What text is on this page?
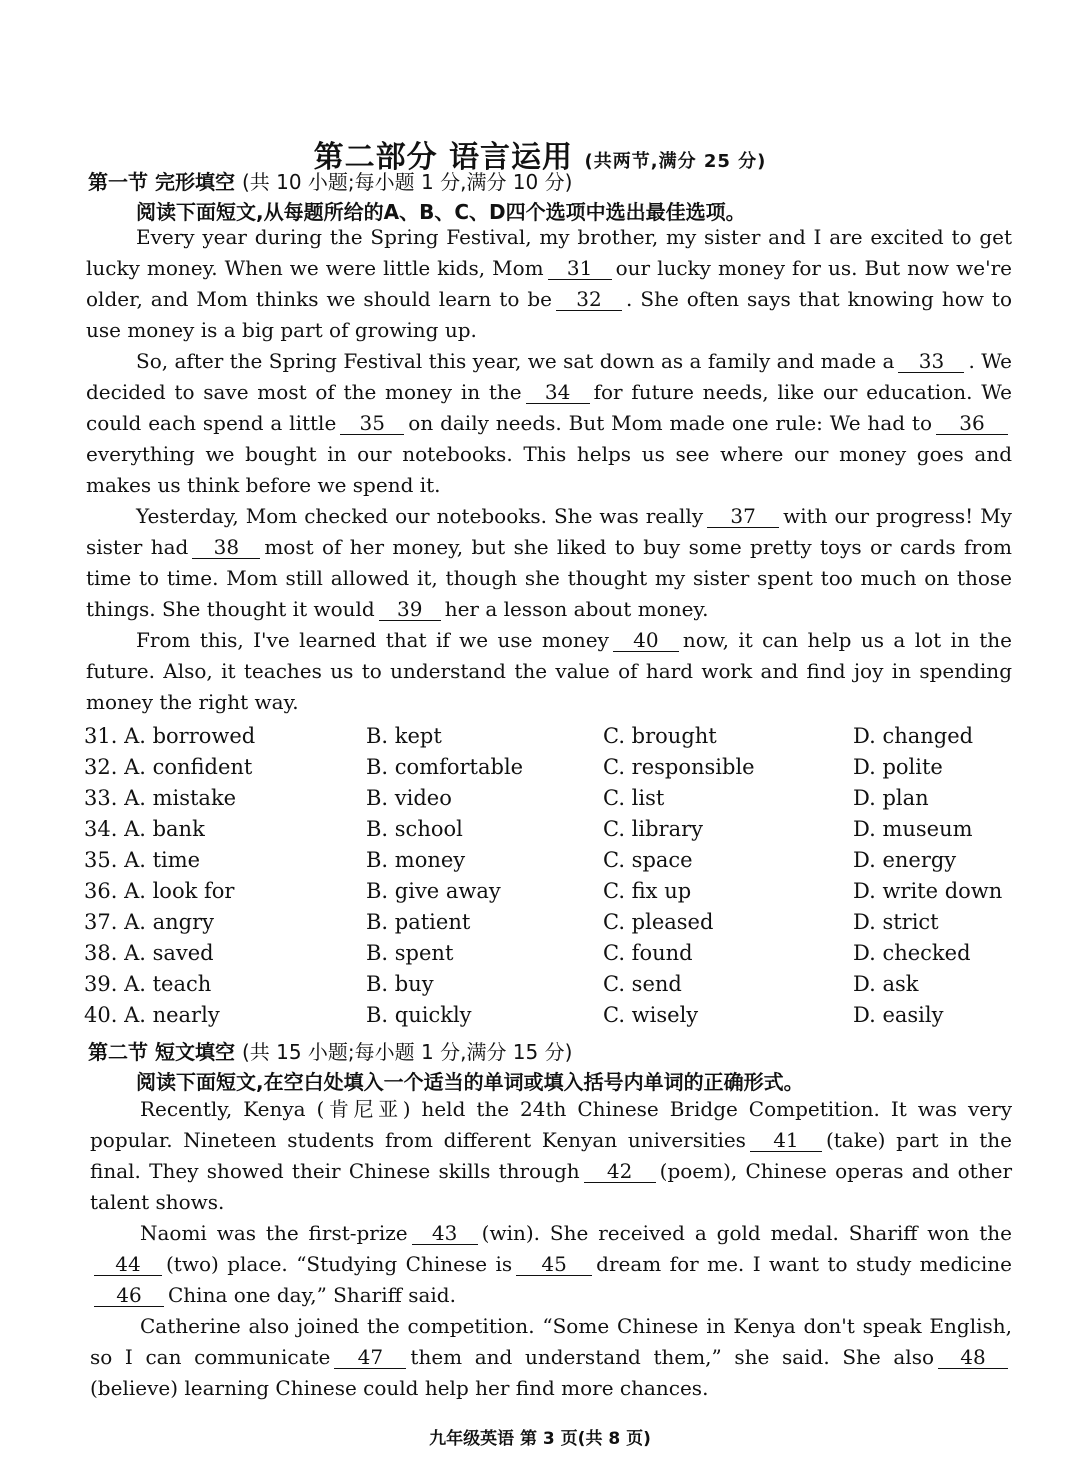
第二部分 语言运用 (共两节,满分 25 分)
第一节 完形填空 (共 10 小题;每小题 1 分,满分 10 分)
阅读下面短文,从每题所给的A、B、C、D四个选项中选出最佳选项。

Every year during the Spring Festival, my brother, my sister and I are excited to get lucky money. When we were little kids, Mom 31 our lucky money for us. But now we're older, and Mom thinks we should learn to be 32 . She often says that knowing how to use money is a big part of growing up.

So, after the Spring Festival this year, we sat down as a family and made a 33 . We decided to save most of the money in the 34 for future needs, like our education. We could each spend a little 35 on daily needs. But Mom made one rule: We had to 36everything we bought in our notebooks. This helps us see where our money goes and makes us think before we spend it.

Yesterday, Mom checked our notebooks. She was really 37 with our progress! My sister had 38 most of her money, but she liked to buy some pretty toys or cards from time to time. Mom still allowed it, though she thought my sister spent too much on those things. She thought it would 39 her a lesson about money.

From this, I've learned that if we use money 40 now, it can help us a lot in the future. Also, it teaches us to understand the value of hard work and find joy in spending money the right way.

31. A. borrowed	B. kept	C. brought	D. changed
32. A. confident	B. comfortable	C. responsible	D. polite
33. A. mistake	B. video	C. list	D. plan
34. A. bank	B. school	C. library	D. museum
35. A. time	B. money	C. space	D. energy
36. A. look for	B. give away	C. fix up	D. write down
37. A. angry	B. patient	C. pleased	D. strict
38. A. saved	B. spent	C. found	D. checked
39. A. teach	B. buy	C. send	D. ask
40. A. nearly	B. quickly	C. wisely	D. easily
第二节 短文填空 (共 15 小题;每小题 1 分,满分 15 分)
阅读下面短文,在空白处填入一个适当的单词或填入括号内单词的正确形式。

Recently, Kenya (肯尼亚) held the 24th Chinese Bridge Competition. It was very popular. Nineteen students from different Kenyan universities 41 (take) part in the final. They showed their Chinese skills through 42 (poem), Chinese operas and other talent shows.

Naomi was the first-prize 43 (win). She received a gold medal. Shariff won the44 (two) place. “Studying Chinese is 45 dream for me. I want to study medicine46 China one day,” Shariff said.

Catherine also joined the competition. “Some Chinese in Kenya don't speak English, so I can communicate 47 them and understand them,” she said. She also 48(believe) learning Chinese could help her find more chances.

九年级英语 第 3 页(共 8 页)
